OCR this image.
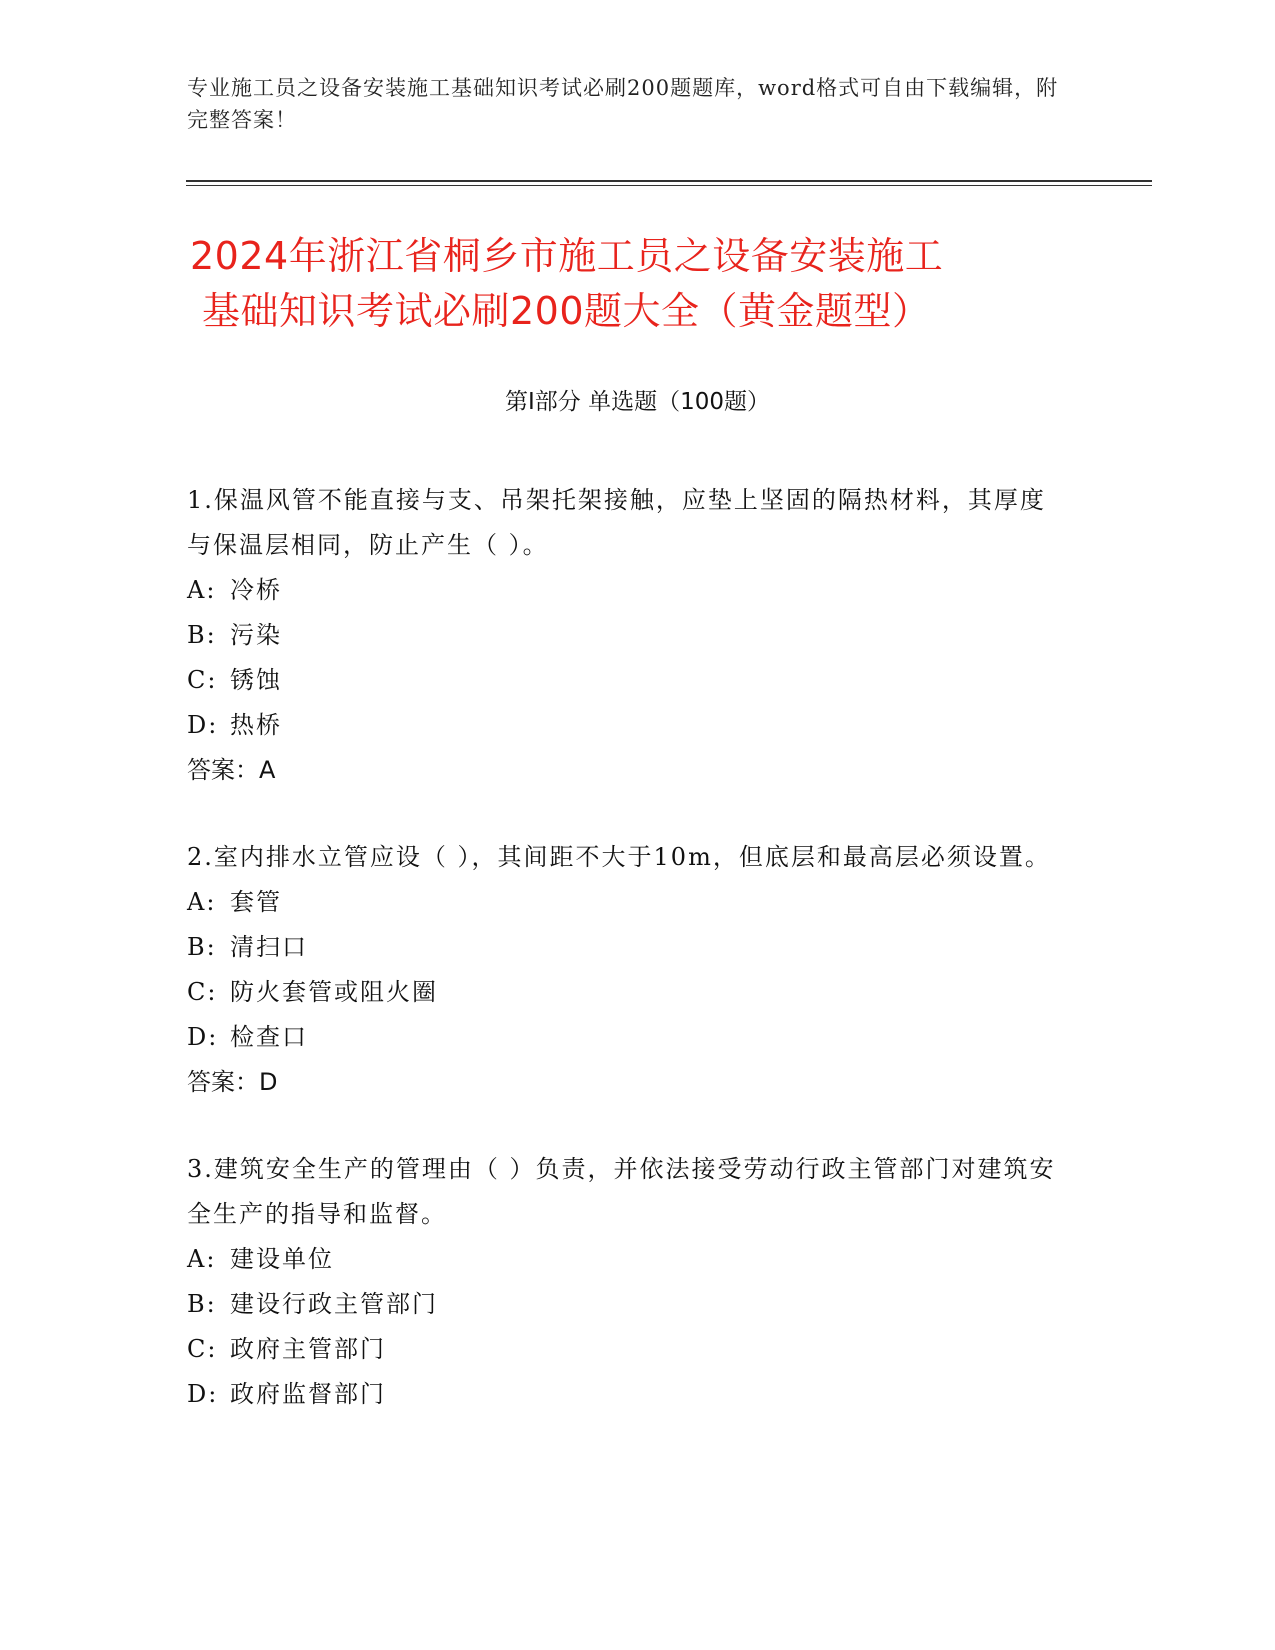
专业施工员之设备安装施工基础知识考试必刷200题题库，word格式可自由下载编辑，附完整答案！
2024年浙江省桐乡市施工员之设备安装施工
基础知识考试必刷200题大全（黄金题型）
第Ⅰ部分 单选题（100题）
1.保温风管不能直接与支、吊架托架接触，应垫上坚固的隔热材料，其厚度与保温层相同，防止产生（ ）。
A: 冷桥
B: 污染
C: 锈蚀
D: 热桥
答案：A
2.室内排水立管应设（ ），其间距不大于10m，但底层和最高层必须设置。
A: 套管
B: 清扫口
C: 防火套管或阻火圈
D: 检查口
答案：D
3.建筑安全生产的管理由（ ）负责，并依法接受劳动行政主管部门对建筑安全生产的指导和监督。
A: 建设单位
B: 建设行政主管部门
C: 政府主管部门
D: 政府监督部门
